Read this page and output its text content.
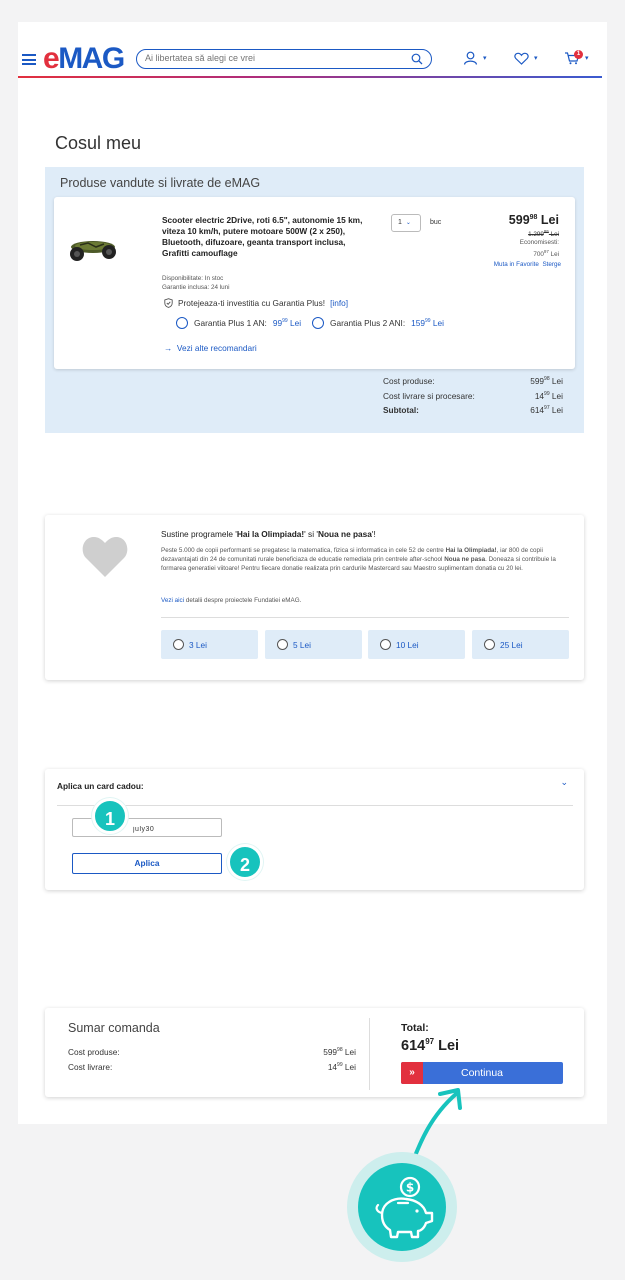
eMAG
Ai libertatea să alegi ce vrei	▾	▾	▾
1
Cosul meu
Produse vandute si livrate de eMAG
Scooter electric 2Drive, roti 6.5", autonomie 15 km, viteza 10 km/h, putere motoare 500W (2 x 250), Bluetooth, difuzoare, geanta transport inclusa, Grafitti camouflage
Disponibilitate: In stoc
Garantie inclusa: 24 luni
Protejeaza-ti investitia cu Garantia Plus! [info]
Garantia Plus 1 AN: $99^{99}$ Lei	Garantia Plus 2 ANI: $159^{99}$ Lei
→ Vezi alte recomandari
1 ⌄	buc	$599^{98}$ Lei
1.299$^{95}$ Lei
Economisesti:
$700^{97}$ Lei
Muta in Favorite Sterge
Cost produse:	$599^{98}$ Lei
Cost livrare si procesare:	$14^{99}$ Lei
Subtotal:	$614^{97}$ Lei
Sustine programele 'Hai la Olimpiada!' si 'Noua ne pasa'!
Peste 5.000 de copii performanti se pregatesc la matematica, fizica si informatica in cele 52 de centre Hai la Olimpiada!, iar 800 de copii dezavantajati din 24 de comunitati rurale beneficiaza de educatie remediala prin centrele after-school Noua ne pasa. Doneaza si contribuie la formarea generatiei viitoare! Pentru fiecare donatie realizata prin cardurile Mastercard sau Maestro suplimentam donatia cu 20 lei.
Vezi aici detalii despre proiectele Fundatiei eMAG.
3 Lei	5 Lei	10 Lei	25 Lei
Aplica un card cadou:	⌄
july30
Aplica
1
2
Sumar comanda
Cost produse:	$599^{98}$ Lei
Cost livrare:	$14^{99}$ Lei
Total:
$614^{97}$ Lei
»	Continua
$
